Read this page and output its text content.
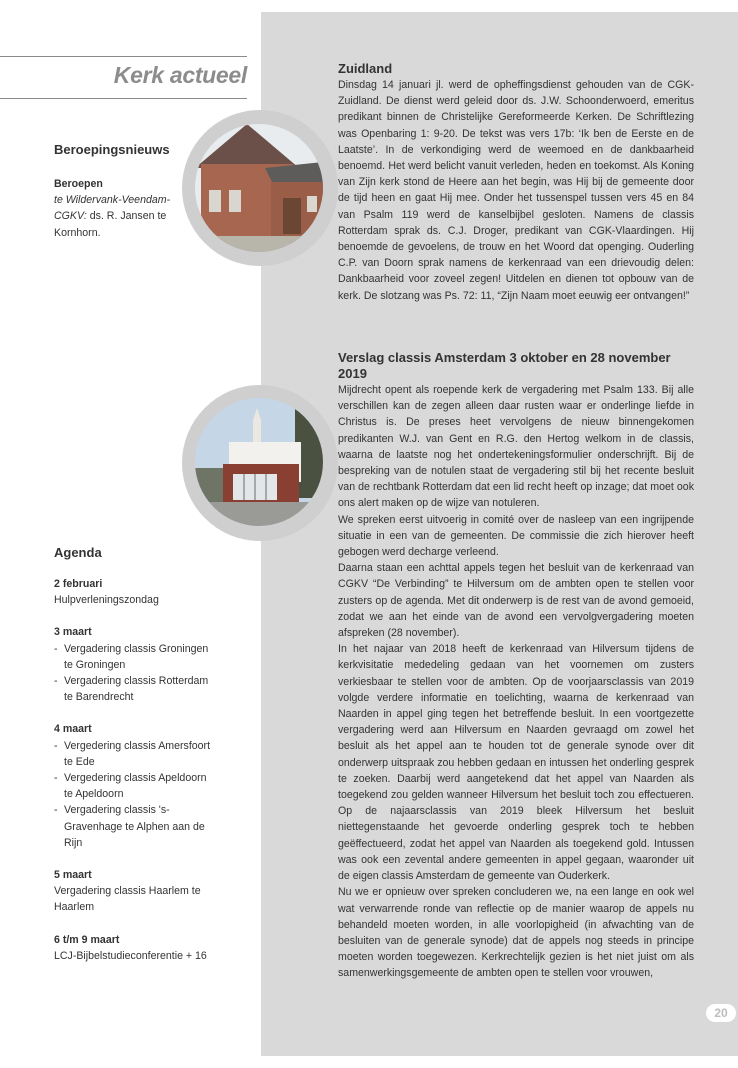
Kerk actueel
Beroepingsnieuws
Beroepen
te Wildervank-Veendam-CGKV: ds. R. Jansen te Kornhorn.
Agenda
2 februari
Hulpverleningszondag
3 maart
- Vergadering classis Groningen te Groningen
- Vergadering classis Rotterdam te Barendrecht
4 maart
- Vergedering classis Amersfoort te Ede
- Vergedering classis Apeldoorn te Apeldoorn
- Vergadering classis 's-Gravenhage te Alphen aan de Rijn
5 maart
Vergadering classis Haarlem te Haarlem
6 t/m 9 maart
LCJ-Bijbelstudieconferentie + 16
Zuidland

Dinsdag 14 januari jl. werd de opheffingsdienst gehouden van de CGK-Zuidland. De dienst werd geleid door ds. J.W. Schoonderwoerd, emeritus predikant binnen de Christelijke Gereformeerde Kerken. De Schriftlezing was Openbaring 1: 9-20. De tekst was vers 17b: ‘Ik ben de Eerste en de Laatste’. In de verkondiging werd de weemoed en de dankbaarheid benoemd. Het werd belicht vanuit verleden, heden en toekomst. Als Koning van Zijn kerk stond de Heere aan het begin, was Hij bij de gemeente door de tijd heen en gaat Hij mee. Onder het tussenspel tussen vers 45 en 84 van Psalm 119 werd de kanselbijbel gesloten. Namens de classis Rotterdam sprak ds. C.J. Droger, predikant van CGK-Vlaardingen. Hij benoemde de gevoelens, de trouw en het Woord dat openging. Ouderling C.P. van Doorn sprak namens de kerkenraad van een drievoudig delen: Dankbaarheid voor zoveel zegen! Uitdelen en dienen tot opbouw van de kerk. De slotzang was Ps. 72: 11, “Zijn Naam moet eeuwig eer ontvangen!”

Verslag classis Amsterdam 3 oktober en 28 november 2019

Mijdrecht opent als roepende kerk de vergadering met Psalm 133. Bij alle verschillen kan de zegen alleen daar rusten waar er onderlinge liefde in Christus is. De preses heet vervolgens de nieuw binnengekomen predikanten W.J. van Gent en R.G. den Hertog welkom in de classis, waarna de laatste nog het ondertekeningsformulier onderschrijft. Bij de bespreking van de notulen staat de vergadering stil bij het recente besluit van de rechtbank Rotterdam dat een lid recht heeft op inzage; dat moet ook ons alert maken op de wijze van notuleren.

We spreken eerst uitvoerig in comité over de nasleep van een ingrijpende situatie in een van de gemeenten. De commissie die zich hierover heeft gebogen werd decharge verleend.

Daarna staan een achttal appels tegen het besluit van de kerkenraad van CGKV “De Verbinding” te Hilversum om de ambten open te stellen voor zusters op de agenda. Met dit onderwerp is de rest van de avond gemoeid, zodat we aan het einde van de avond een vervolgvergadering moeten afspreken (28 november).

In het najaar van 2018 heeft de kerkenraad van Hilversum tijdens de kerkvisitatie mededeling gedaan van het voornemen om zusters verkiesbaar te stellen voor de ambten. Op de voorjaarsclassis van 2019 volgde verdere informatie en toelichting, waarna de kerkenraad van Naarden in appel ging tegen het betreffende besluit. In een voortgezette vergadering werd aan Hilversum en Naarden gevraagd om zowel het besluit als het appel aan te houden tot de generale synode over dit onderwerp uitspraak zou hebben gedaan en intussen het onderling gesprek te zoeken. Daarbij werd aangetekend dat het appel van Naarden als toegekend zou gelden wanneer Hilversum het besluit toch zou effectueren. Op de najaarsclassis van 2019 bleek Hilversum het besluit niettegenstaande het gevoerde onderling gesprek toch te hebben geëffectueerd, zodat het appel van Naarden als toegekend gold. Intussen was ook een zevental andere gemeenten in appel gegaan, waaronder uit de eigen classis Amsterdam de gemeente van Ouderkerk.

Nu we er opnieuw over spreken concluderen we, na een lange en ook wel wat verwarrende ronde van reflectie op de manier waarop de appels nu behandeld moeten worden, in alle voorlopigheid (in afwachting van de besluiten van de generale synode) dat de appels nog steeds in principe moeten worden toegewezen. Kerkrechtelijk gezien is het niet juist om als samenwerkingsgemeente de ambten open te stellen voor vrouwen,

20
